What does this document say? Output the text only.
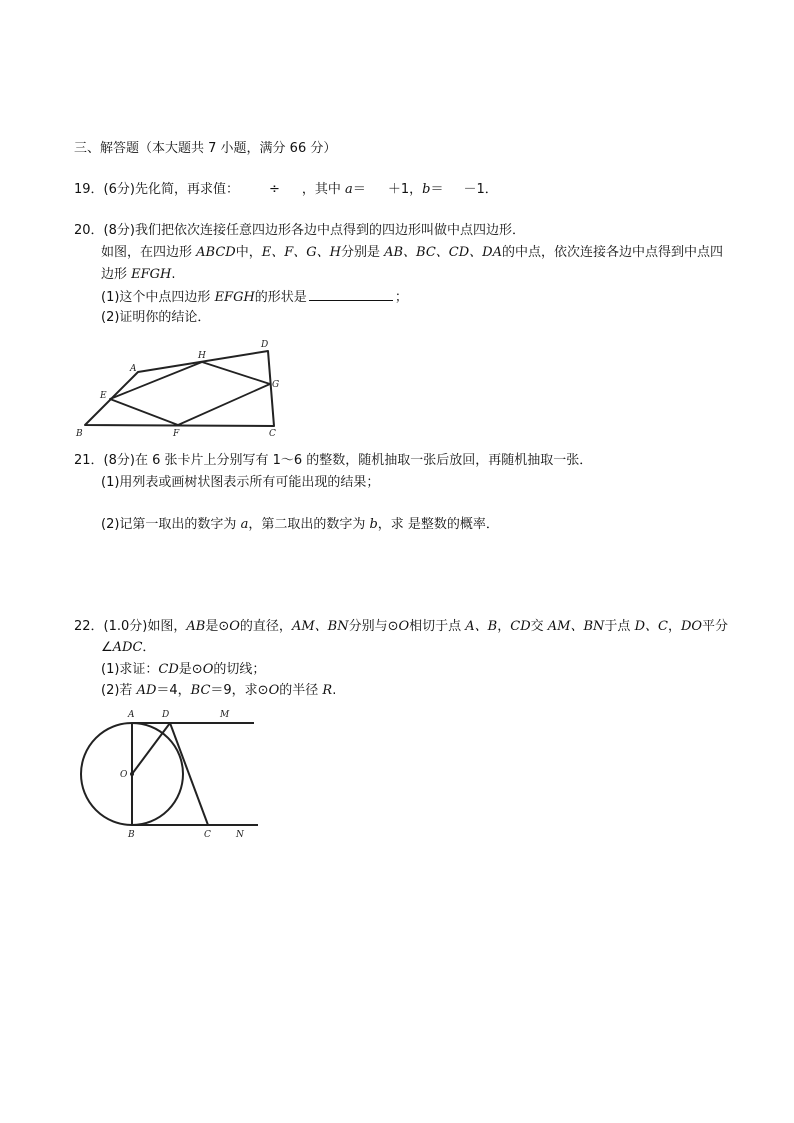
三、解答题（本大题共 7 小题，满分 66 分）
19．(6分)先化简，再求值： ÷ ，其中 a＝ ＋1，b＝ －1．
20．(8分)我们把依次连接任意四边形各边中点得到的四边形叫做中点四边形．
如图，在四边形 ABCD中，E、F、G、H分别是 AB、BC、CD、DA的中点，依次连接各边中点得到中点四
边形 EFGH.
(1)这个中点四边形 EFGH的形状是	；
(2)证明你的结论．
A
B	C
D
E
F
G
H
21．(8分)在 6 张卡片上分别写有 1～6 的整数，随机抽取一张后放回，再随机抽取一张．
(1)用列表或画树状图表示所有可能出现的结果；
(2)记第一取出的数字为 a，第二取出的数字为 b，求 是整数的概率．
22．(1.0分)如图，AB是⊙O的直径，AM、BN分别与⊙O相切于点 A、B，CD交 AM、BN于点 D、C，DO平分
∠ADC．
(1)求证：CD是⊙O的切线；
(2)若 AD＝4，BC＝9，求⊙O的半径 R.
A
B	C
D	M
N
O
